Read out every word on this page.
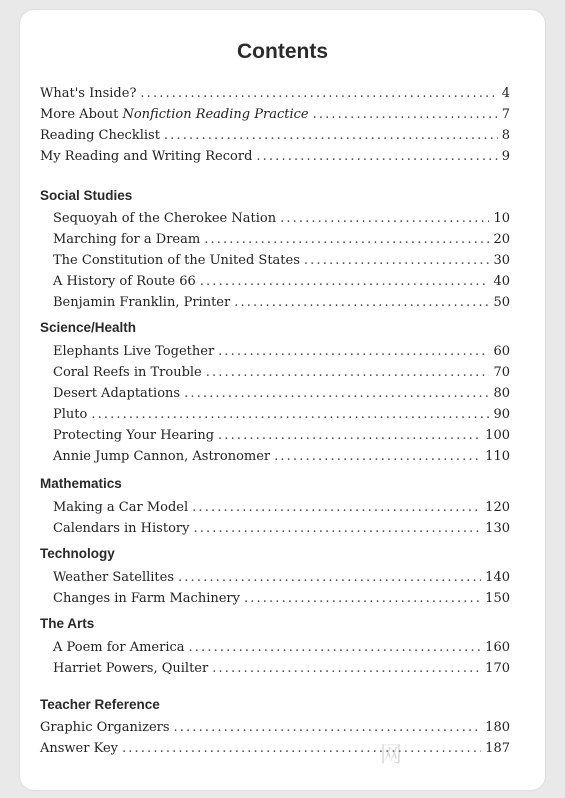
Contents
What's Inside? . . .	4
More About Nonfiction Reading Practice . . .	7
Reading Checklist . . .	8
My Reading and Writing Record . . .	9
Social Studies
Sequoyah of the Cherokee Nation . . .	10
Marching for a Dream . . .	20
The Constitution of the United States . . .	30
A History of Route 66 . . .	40
Benjamin Franklin, Printer . . .	50
Science/Health
Elephants Live Together . . .	60
Coral Reefs in Trouble . . .	70
Desert Adaptations . . .	80
Pluto . . .	90
Protecting Your Hearing . . .	100
Annie Jump Cannon, Astronomer . . .	110
Mathematics
Making a Car Model . . .	120
Calendars in History . . .	130
Technology
Weather Satellites . . .	140
Changes in Farm Machinery . . .	150
The Arts
A Poem for America . . .	160
Harriet Powers, Quilter . . .	170
Teacher Reference
Graphic Organizers . . .	180
Answer Key . . .	187
网
